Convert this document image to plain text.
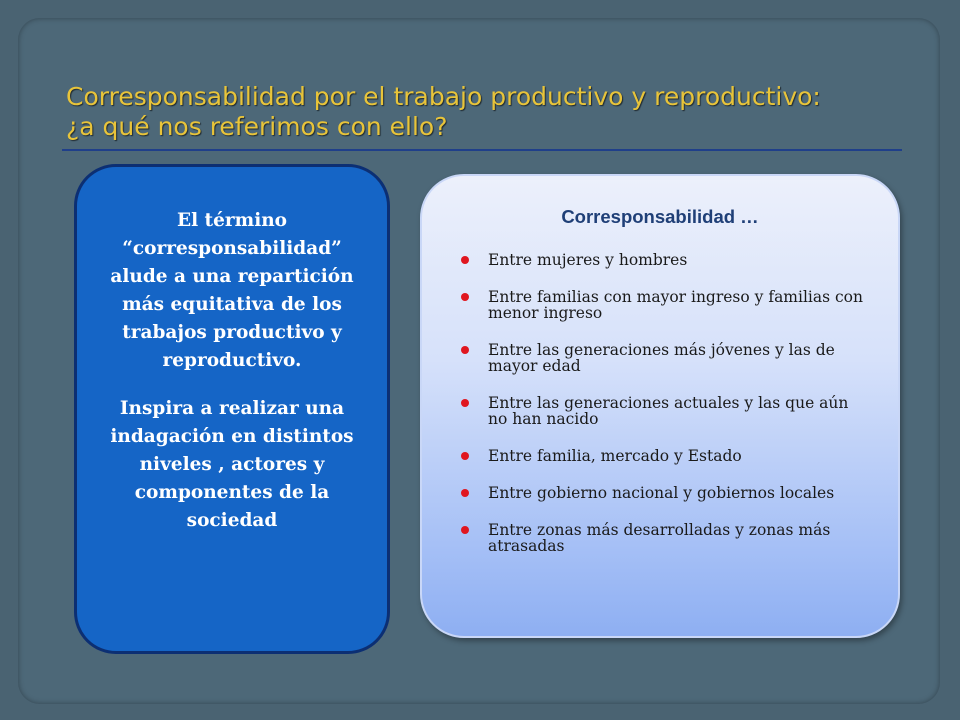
Corresponsabilidad por el trabajo productivo y reproductivo:
¿a qué nos referimos con ello?

El término “corresponsabilidad” alude a una repartición más equitativa de los trabajos productivo y reproductivo.

Inspira a realizar una indagación en distintos niveles , actores y componentes de la sociedad

Corresponsabilidad …
Entre mujeres y hombres
Entre familias con mayor ingreso y familias con menor ingreso
Entre las generaciones más jóvenes y las de mayor edad
Entre las generaciones actuales y las que aún no han nacido
Entre familia, mercado y Estado
Entre gobierno nacional y gobiernos locales
Entre zonas más desarrolladas y zonas más atrasadas
